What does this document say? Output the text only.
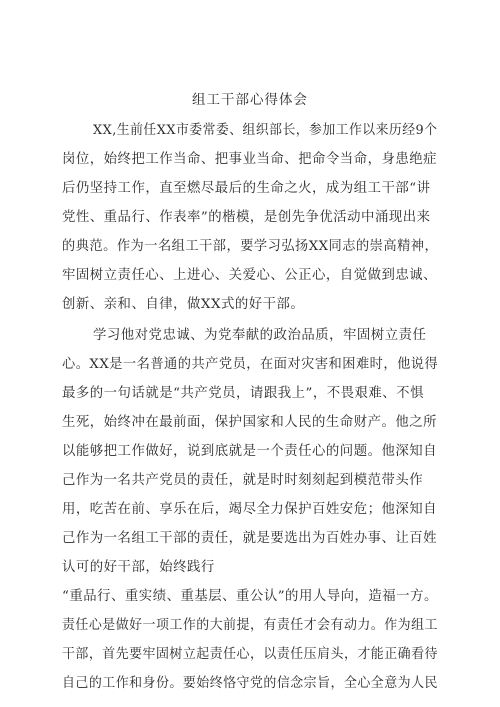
组工干部心得体会
XX,生前任XX市委常委、组织部长，参加工作以来历经9个
岗位，始终把工作当命、把事业当命、把命令当命，身患绝症
后仍坚持工作，直至燃尽最后的生命之火，成为组工干部“讲
党性、重品行、作表率”的楷模，是创先争优活动中涌现出来
的典范。作为一名组工干部，要学习弘扬XX同志的崇高精神，
牢固树立责任心、上进心、关爱心、公正心，自觉做到忠诚、
创新、亲和、自律，做XX式的好干部。
学习他对党忠诚、为党奉献的政治品质，牢固树立责任
心。XX是一名普通的共产党员，在面对灾害和困难时，他说得
最多的一句话就是“共产党员，请跟我上”，不畏艰难、不惧
生死，始终冲在最前面，保护国家和人民的生命财产。他之所
以能够把工作做好，说到底就是一个责任心的问题。他深知自
己作为一名共产党员的责任，就是时时刻刻起到模范带头作
用，吃苦在前、享乐在后，竭尽全力保护百姓安危；他深知自
己作为一名组工干部的责任，就是要选出为百姓办事、让百姓
认可的好干部，始终践行
“重品行、重实绩、重基层、重公认”的用人导向，造福一方。
责任心是做好一项工作的大前提，有责任才会有动力。作为组工
干部，首先要牢固树立起责任心，以责任压肩头，才能正确看待
自己的工作和身份。要始终恪守党的信念宗旨，全心全意为人民
